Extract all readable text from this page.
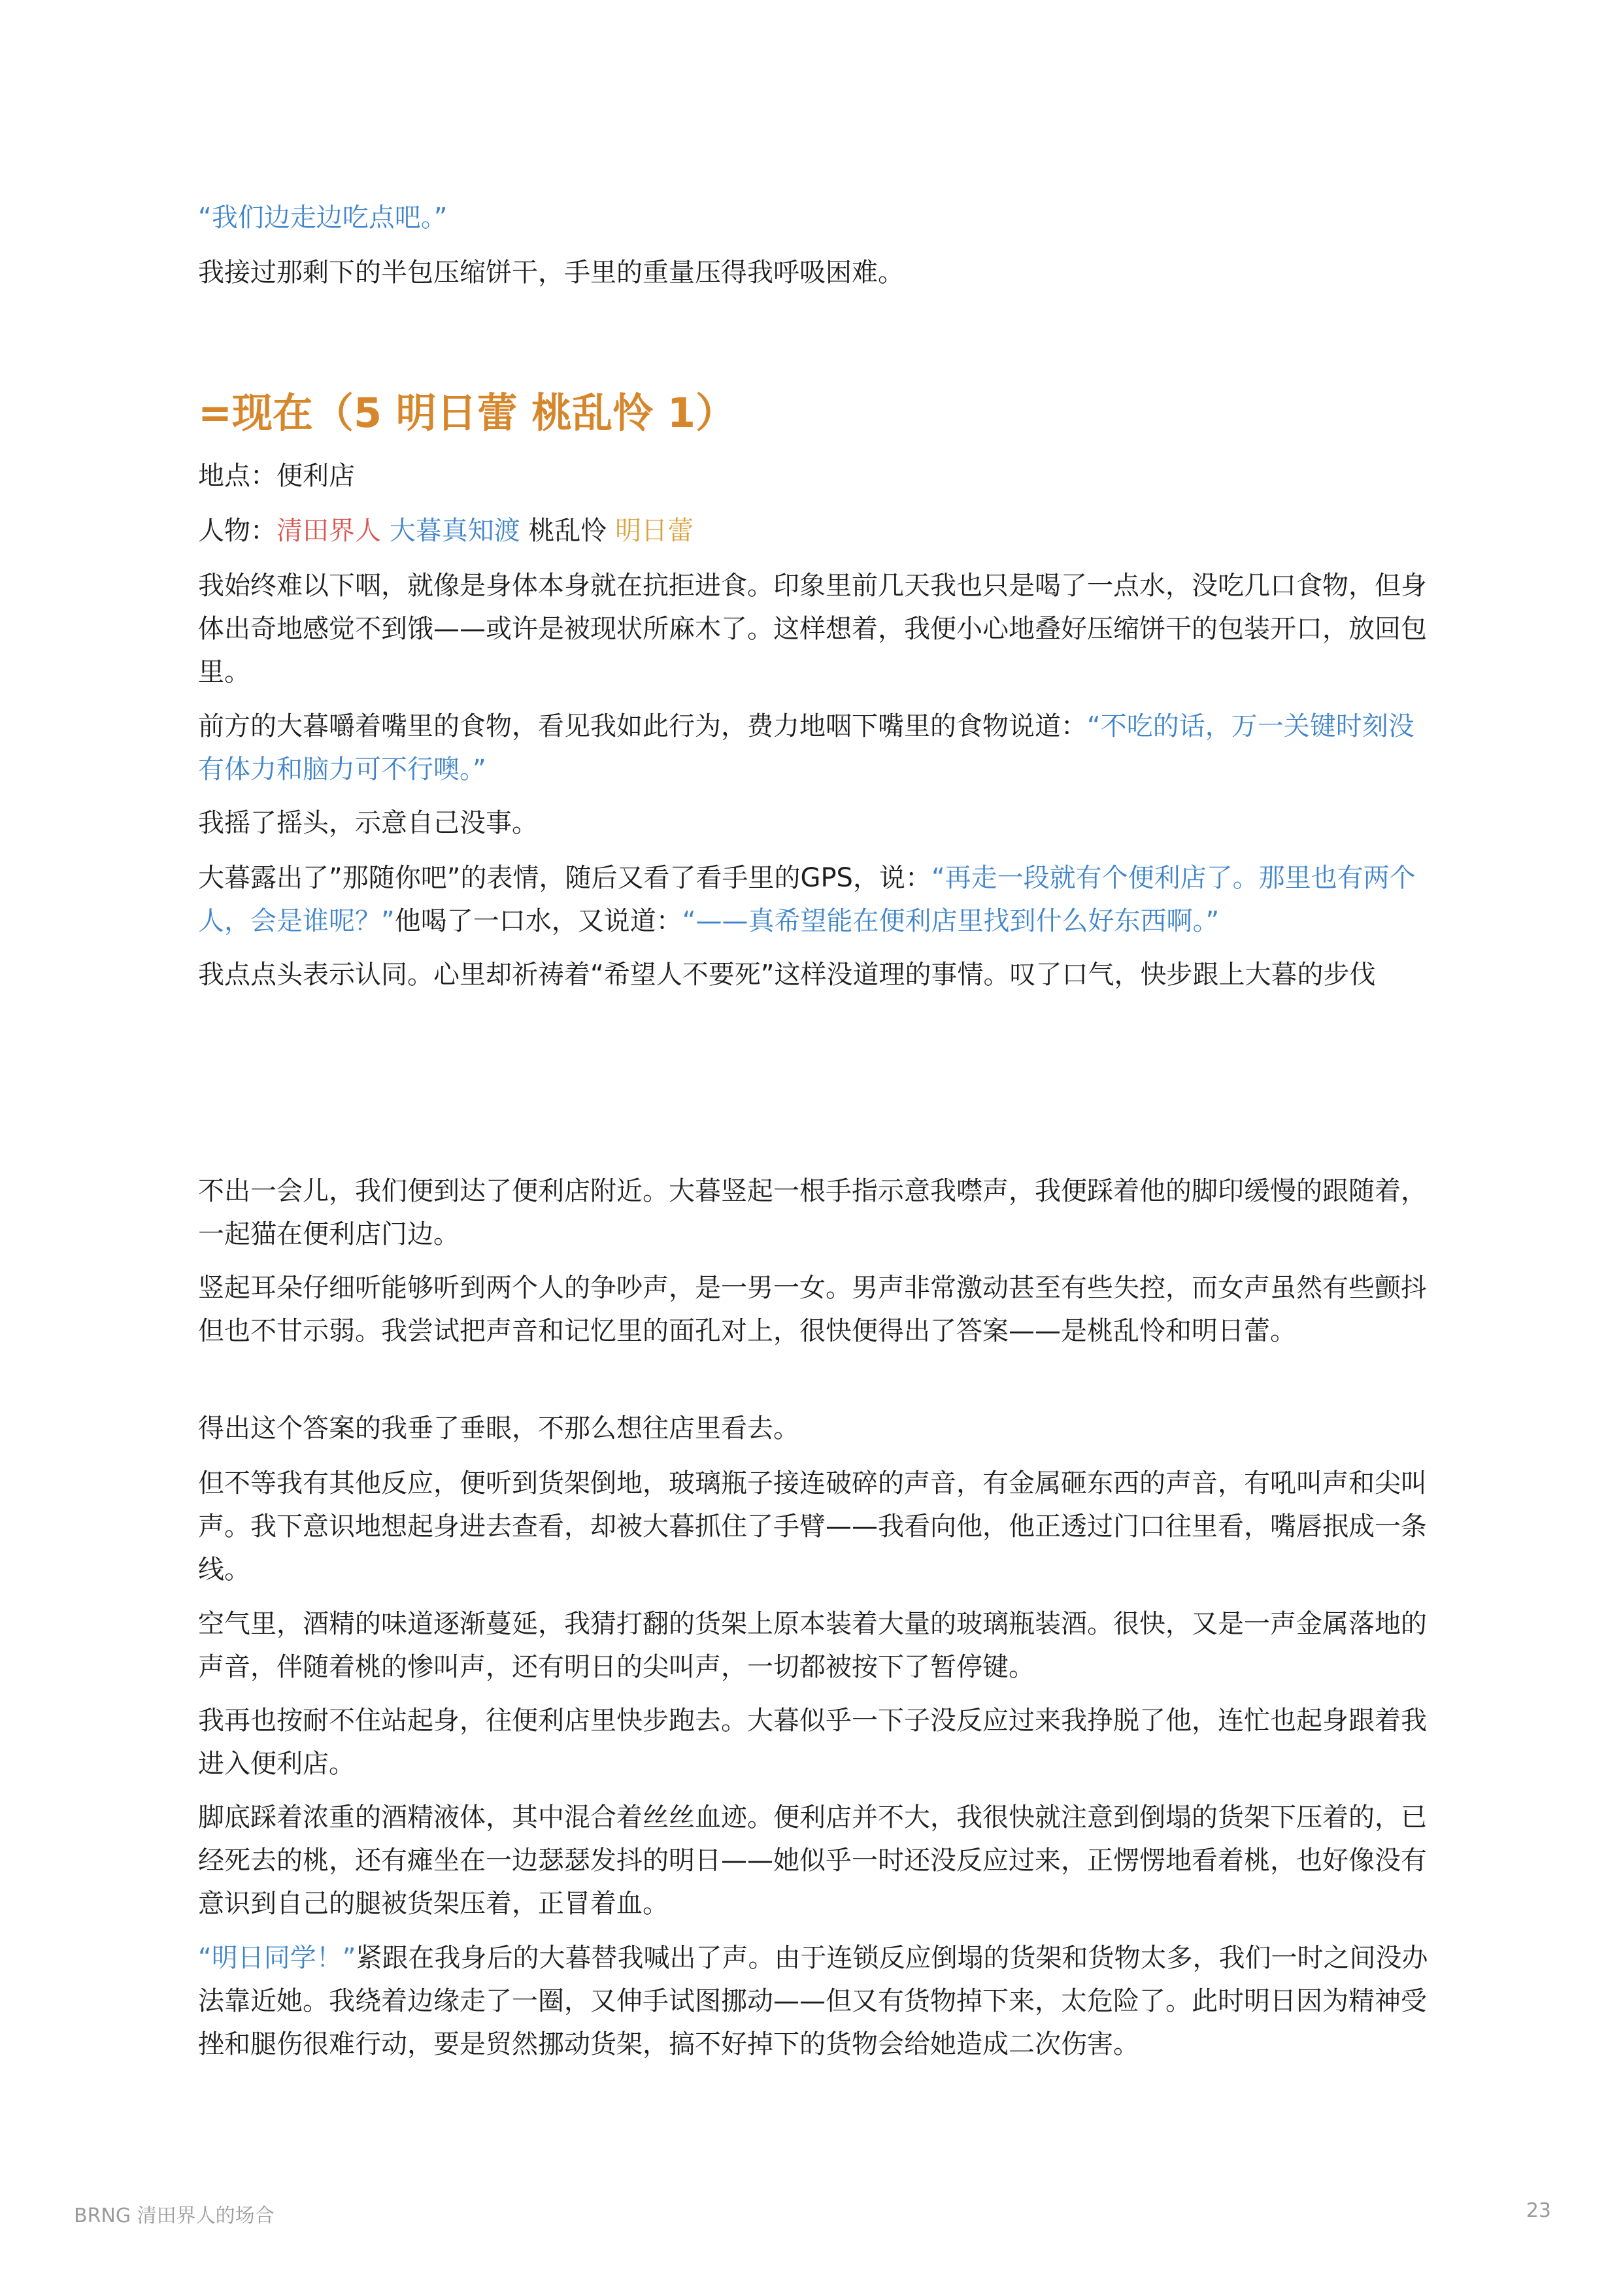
“我们边走边吃点吧。”

我接过那剩下的半包压缩饼干，手里的重量压得我呼吸困难。

=现在（5 明日蕾 桃乱怜 1）

地点：便利店

人物：清田界人 大暮真知渡 桃乱怜 明日蕾

我始终难以下咽，就像是身体本身就在抗拒进食。印象里前几天我也只是喝了一点水，没吃几口食物，但身体出奇地感觉不到饿——或许是被现状所麻木了。这样想着，我便小心地叠好压缩饼干的包装开口，放回包里。

前方的大暮嚼着嘴里的食物，看见我如此行为，费力地咽下嘴里的食物说道：“不吃的话，万一关键时刻没有体力和脑力可不行噢。”

我摇了摇头，示意自己没事。

大暮露出了”那随你吧”的表情，随后又看了看手里的GPS，说：“再走一段就有个便利店了。那里也有两个人，会是谁呢？”他喝了一口水，又说道：“——真希望能在便利店里找到什么好东西啊。”

我点点头表示认同。心里却祈祷着“希望人不要死”这样没道理的事情。叹了口气，快步跟上大暮的步伐

不出一会儿，我们便到达了便利店附近。大暮竖起一根手指示意我噤声，我便踩着他的脚印缓慢的跟随着，一起猫在便利店门边。

竖起耳朵仔细听能够听到两个人的争吵声，是一男一女。男声非常激动甚至有些失控，而女声虽然有些颤抖但也不甘示弱。我尝试把声音和记忆里的面孔对上，很快便得出了答案——是桃乱怜和明日蕾。

得出这个答案的我垂了垂眼，不那么想往店里看去。

但不等我有其他反应，便听到货架倒地，玻璃瓶子接连破碎的声音，有金属砸东西的声音，有吼叫声和尖叫声。我下意识地想起身进去查看，却被大暮抓住了手臂——我看向他，他正透过门口往里看，嘴唇抿成一条线。

空气里，酒精的味道逐渐蔓延，我猜打翻的货架上原本装着大量的玻璃瓶装酒。很快，又是一声金属落地的声音，伴随着桃的惨叫声，还有明日的尖叫声，一切都被按下了暂停键。

我再也按耐不住站起身，往便利店里快步跑去。大暮似乎一下子没反应过来我挣脱了他，连忙也起身跟着我进入便利店。

脚底踩着浓重的酒精液体，其中混合着丝丝血迹。便利店并不大，我很快就注意到倒塌的货架下压着的，已经死去的桃，还有瘫坐在一边瑟瑟发抖的明日——她似乎一时还没反应过来，正愣愣地看着桃，也好像没有意识到自己的腿被货架压着，正冒着血。

“明日同学！”紧跟在我身后的大暮替我喊出了声。由于连锁反应倒塌的货架和货物太多，我们一时之间没办法靠近她。我绕着边缘走了一圈，又伸手试图挪动——但又有货物掉下来，太危险了。此时明日因为精神受挫和腿伤很难行动，要是贸然挪动货架，搞不好掉下的货物会给她造成二次伤害。

BRNG 清田界人的场合	23
